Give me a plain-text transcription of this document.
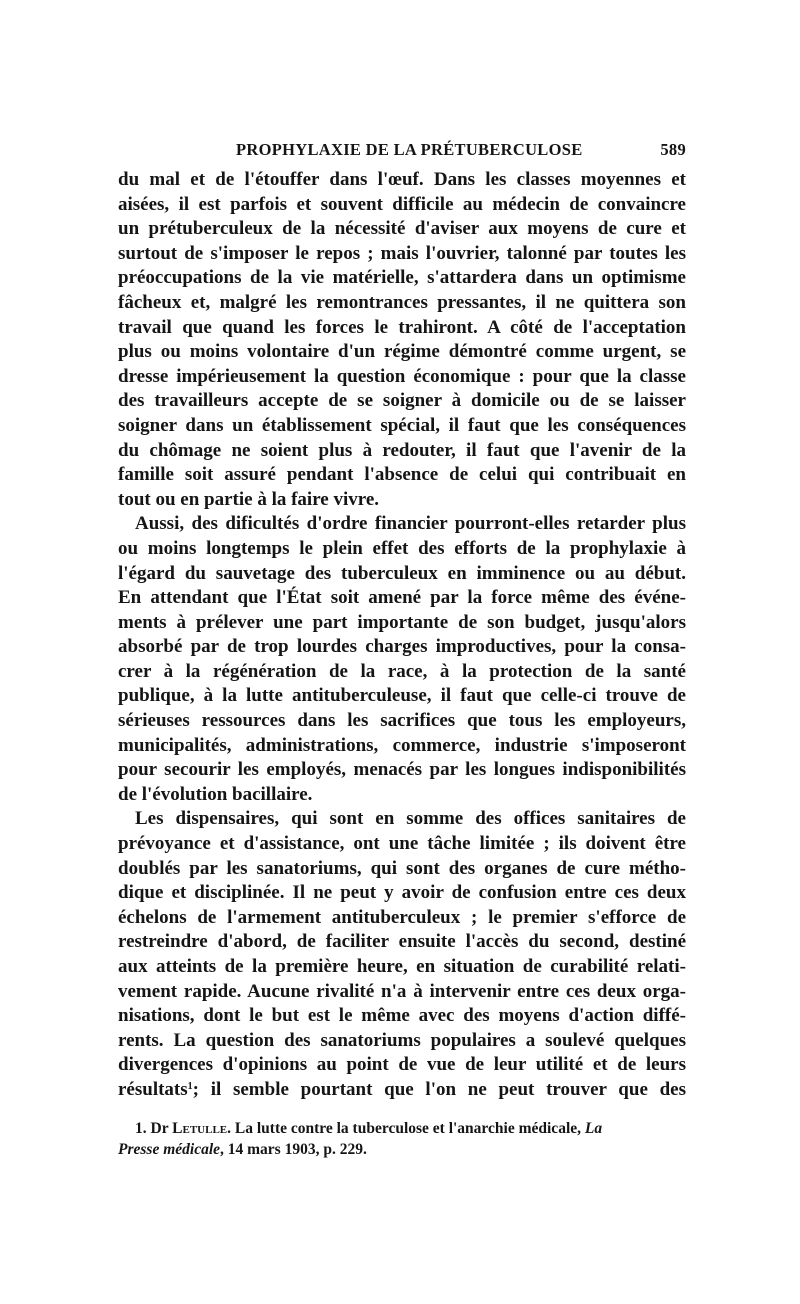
PROPHYLAXIE DE LA PRÉTUBERCULOSE	589
du mal et de l'étouffer dans l'œuf. Dans les classes moyennes et
aisées, il est parfois et souvent difficile au médecin de convaincre
un prétuberculeux de la nécessité d'aviser aux moyens de cure et
surtout de s'imposer le repos ; mais l'ouvrier, talonné par toutes les
préoccupations de la vie matérielle, s'attardera dans un optimisme
fâcheux et, malgré les remontrances pressantes, il ne quittera son
travail que quand les forces le trahiront. A côté de l'acceptation
plus ou moins volontaire d'un régime démontré comme urgent, se
dresse impérieusement la question économique : pour que la classe
des travailleurs accepte de se soigner à domicile ou de se laisser
soigner dans un établissement spécial, il faut que les conséquences
du chômage ne soient plus à redouter, il faut que l'avenir de la
famille soit assuré pendant l'absence de celui qui contribuait en
tout ou en partie à la faire vivre.
Aussi, des dificultés d'ordre financier pourront-elles retarder plus
ou moins longtemps le plein effet des efforts de la prophylaxie à
l'égard du sauvetage des tuberculeux en imminence ou au début.
En attendant que l'État soit amené par la force même des événe-
ments à prélever une part importante de son budget, jusqu'alors
absorbé par de trop lourdes charges improductives, pour la consa-
crer à la régénération de la race, à la protection de la santé
publique, à la lutte antituberculeuse, il faut que celle-ci trouve de
sérieuses ressources dans les sacrifices que tous les employeurs,
municipalités, administrations, commerce, industrie s'imposeront
pour secourir les employés, menacés par les longues indisponibilités
de l'évolution bacillaire.
Les dispensaires, qui sont en somme des offices sanitaires de
prévoyance et d'assistance, ont une tâche limitée ; ils doivent être
doublés par les sanatoriums, qui sont des organes de cure métho-
dique et disciplinée. Il ne peut y avoir de confusion entre ces deux
échelons de l'armement antituberculeux ; le premier s'efforce de
restreindre d'abord, de faciliter ensuite l'accès du second, destiné
aux atteints de la première heure, en situation de curabilité relati-
vement rapide. Aucune rivalité n'a à intervenir entre ces deux orga-
nisations, dont le but est le même avec des moyens d'action diffé-
rents. La question des sanatoriums populaires a soulevé quelques
divergences d'opinions au point de vue de leur utilité et de leurs
résultats$^1$; il semble pourtant que l'on ne peut trouver que des
1. Dr Letulle. La lutte contre la tuberculose et l'anarchie médicale, La
Presse médicale, 14 mars 1903, p. 229.
